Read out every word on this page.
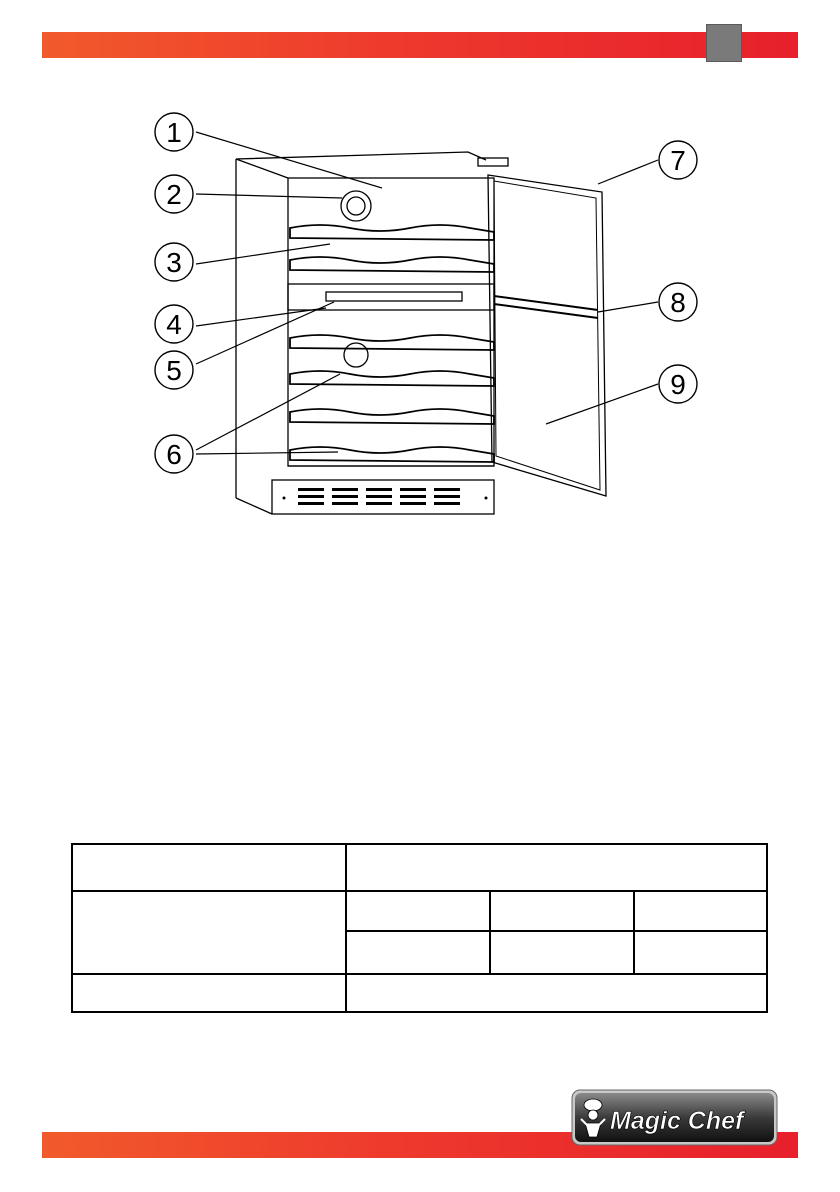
1
2
3
4
5
6
7
8
9

Magic Chef
